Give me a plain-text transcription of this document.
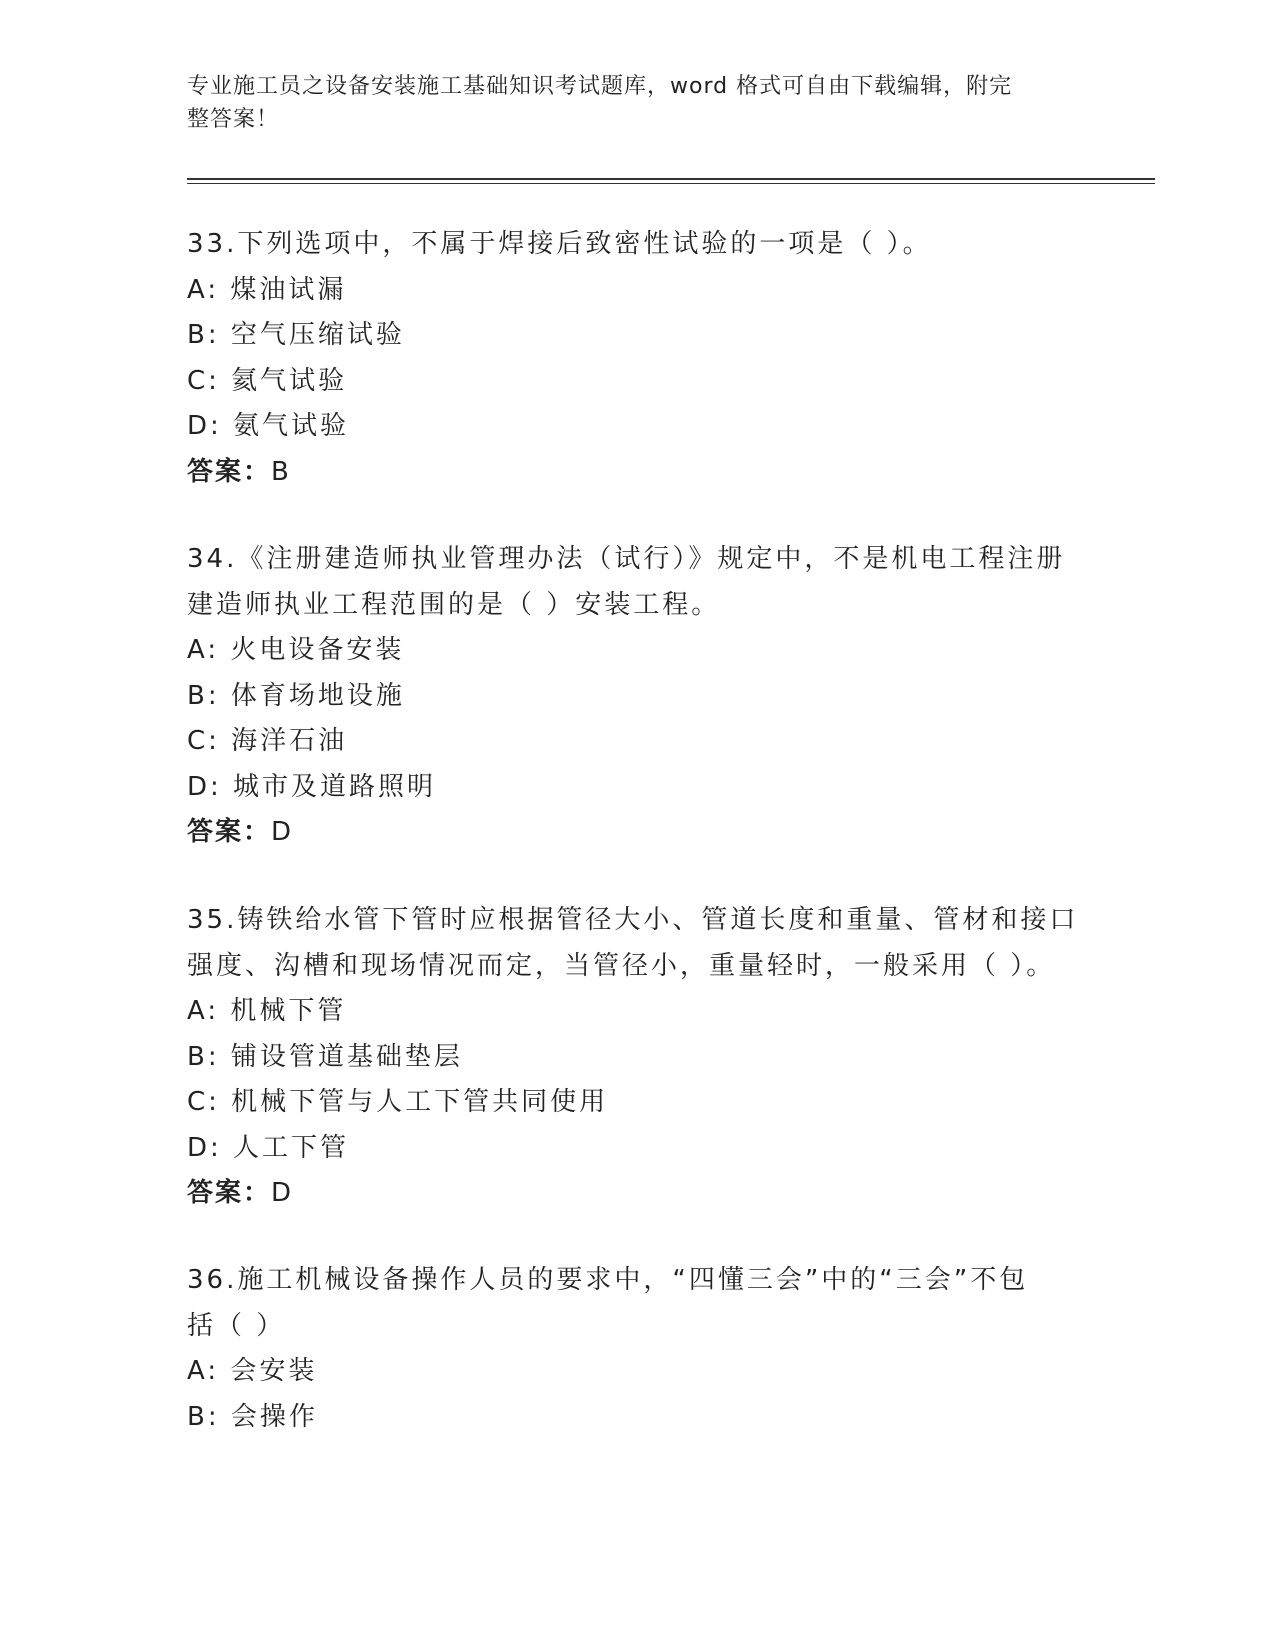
专业施工员之设备安装施工基础知识考试题库，word 格式可自由下载编辑，附完
整答案！
33.下列选项中，不属于焊接后致密性试验的一项是（ ）。
A: 煤油试漏
B: 空气压缩试验
C: 氦气试验
D: 氨气试验
答案：B
34.《注册建造师执业管理办法（试行）》规定中，不是机电工程注册
建造师执业工程范围的是（ ）安装工程。
A: 火电设备安装
B: 体育场地设施
C: 海洋石油
D: 城市及道路照明
答案：D
35.铸铁给水管下管时应根据管径大小、管道长度和重量、管材和接口
强度、沟槽和现场情况而定，当管径小，重量轻时，一般采用（ ）。
A: 机械下管
B: 铺设管道基础垫层
C: 机械下管与人工下管共同使用
D: 人工下管
答案：D
36.施工机械设备操作人员的要求中，“四懂三会”中的“三会”不包
括（ ）
A: 会安装
B: 会操作
